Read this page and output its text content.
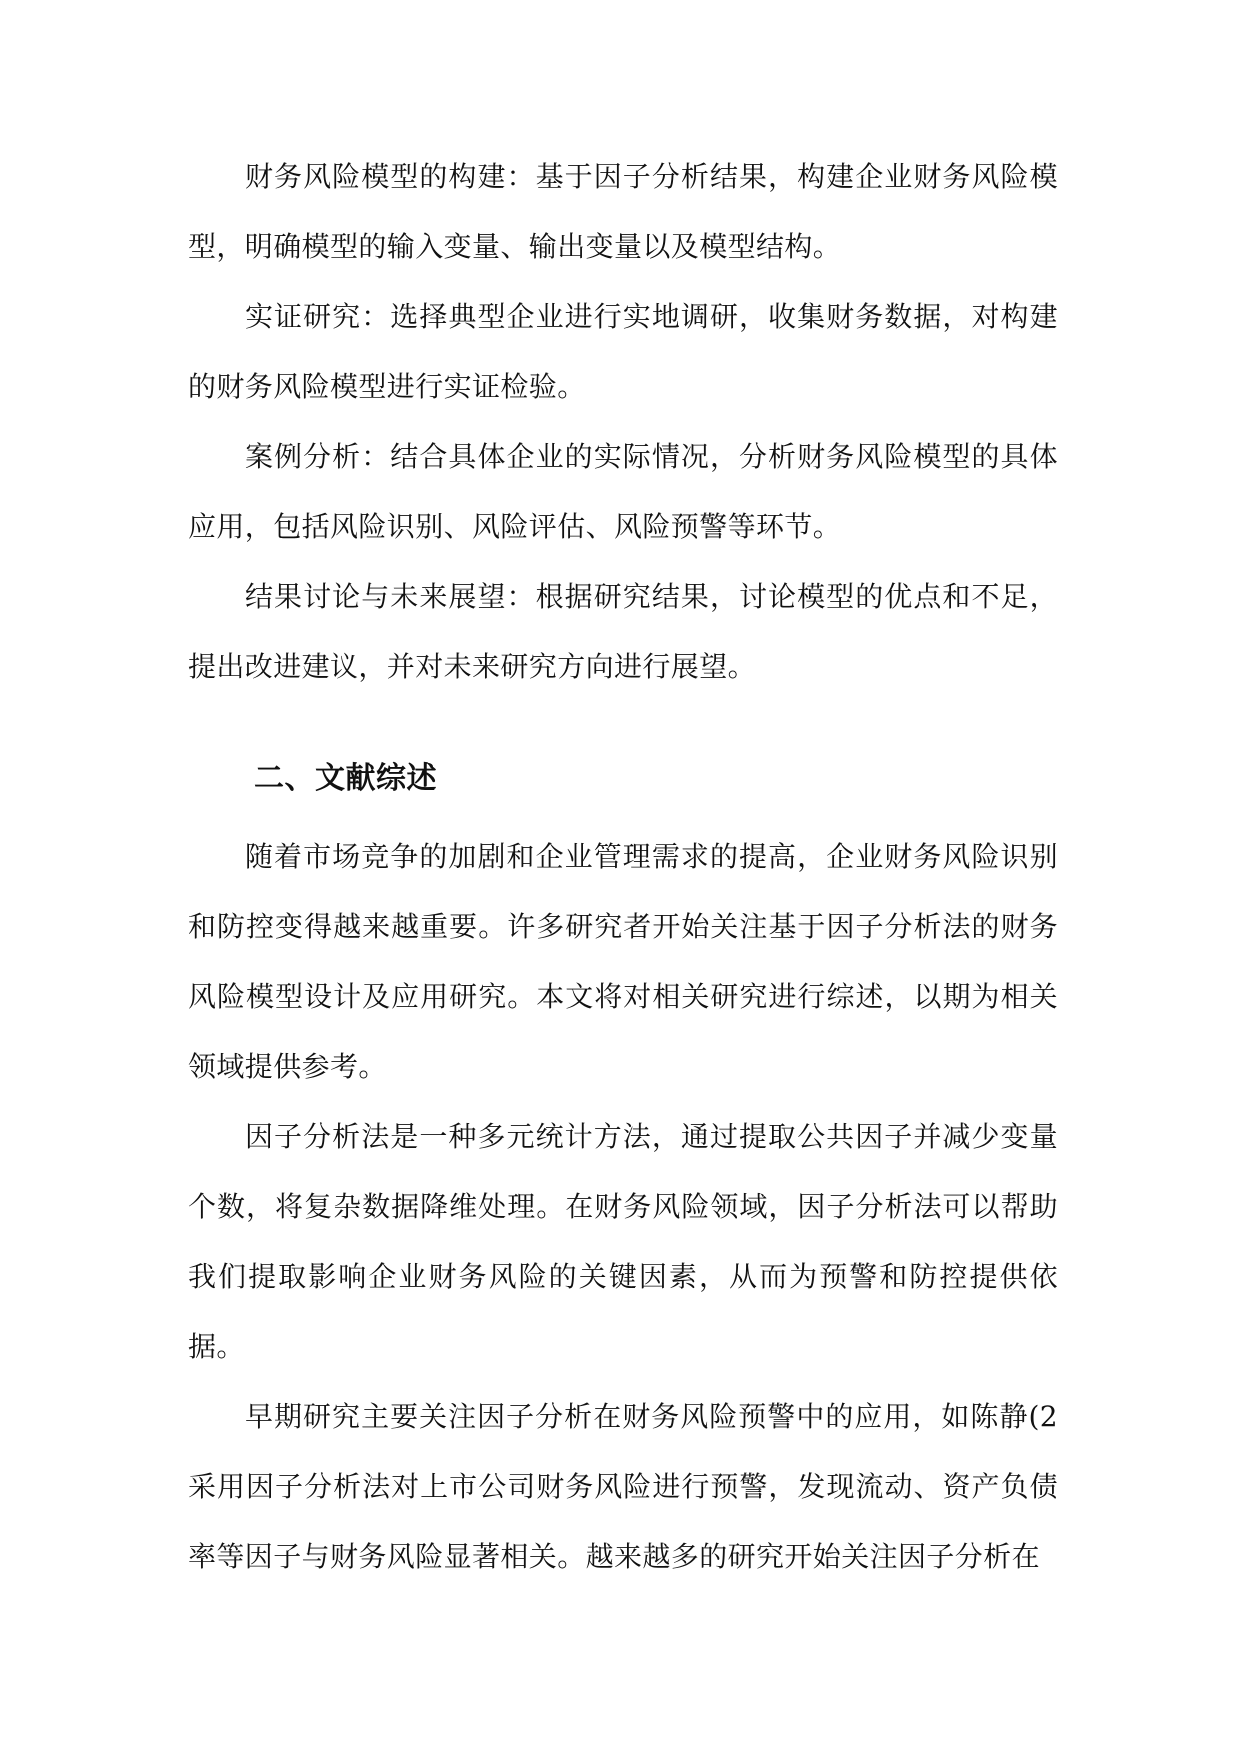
财务风险模型的构建：基于因子分析结果，构建企业财务风险模型，明确模型的输入变量、输出变量以及模型结构。

实证研究：选择典型企业进行实地调研，收集财务数据，对构建的财务风险模型进行实证检验。

案例分析：结合具体企业的实际情况，分析财务风险模型的具体应用，包括风险识别、风险评估、风险预警等环节。

结果讨论与未来展望：根据研究结果，讨论模型的优点和不足，提出改进建议，并对未来研究方向进行展望。

二、文献综述

随着市场竞争的加剧和企业管理需求的提高，企业财务风险识别和防控变得越来越重要。许多研究者开始关注基于因子分析法的财务风险模型设计及应用研究。本文将对相关研究进行综述，以期为相关领域提供参考。

因子分析法是一种多元统计方法，通过提取公共因子并减少变量个数，将复杂数据降维处理。在财务风险领域，因子分析法可以帮助我们提取影响企业财务风险的关键因素，从而为预警和防控提供依据。

早期研究主要关注因子分析在财务风险预警中的应用，如陈静(2采用因子分析法对上市公司财务风险进行预警，发现流动、资产负债率等因子与财务风险显著相关。越来越多的研究开始关注因子分析在
